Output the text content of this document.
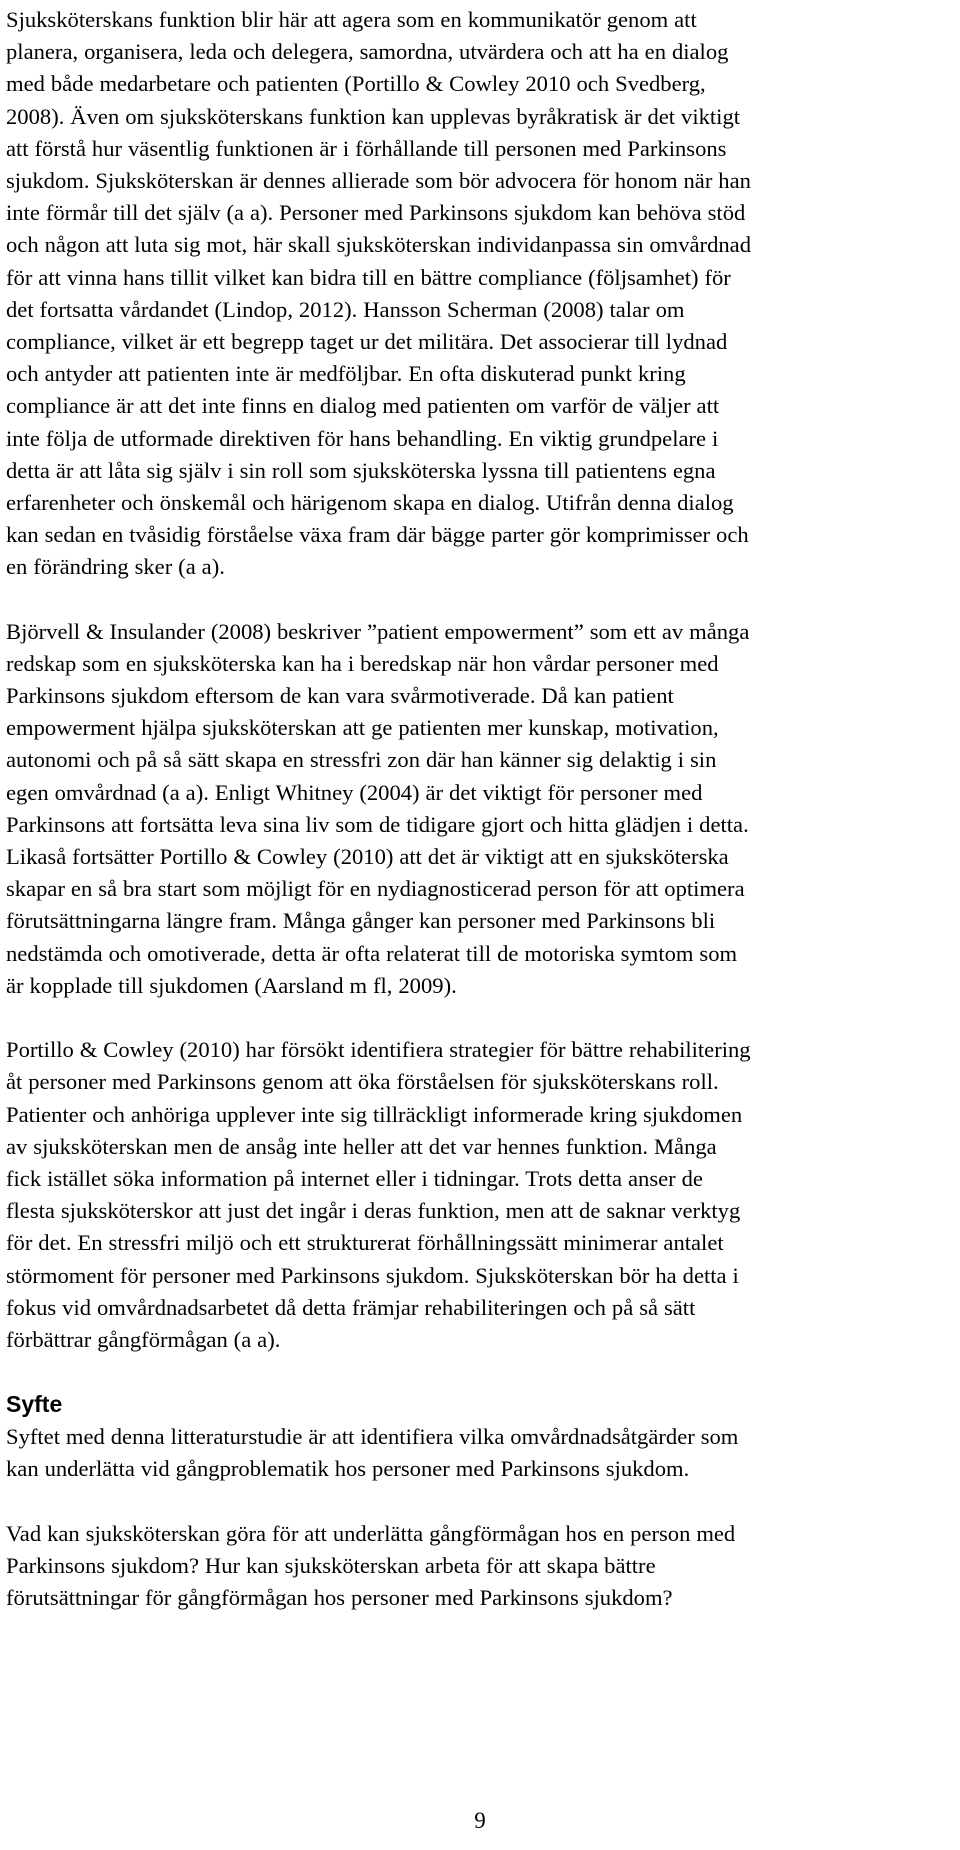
Sjuksköterskans funktion blir här att agera som en kommunikatör genom att
planera, organisera, leda och delegera, samordna, utvärdera och att ha en dialog
med både medarbetare och patienten (Portillo & Cowley 2010 och Svedberg,
2008). Även om sjuksköterskans funktion kan upplevas byråkratisk är det viktigt
att förstå hur väsentlig funktionen är i förhållande till personen med Parkinsons
sjukdom. Sjuksköterskan är dennes allierade som bör advocera för honom när han
inte förmår till det själv (a a). Personer med Parkinsons sjukdom kan behöva stöd
och någon att luta sig mot, här skall sjuksköterskan individanpassa sin omvårdnad
för att vinna hans tillit vilket kan bidra till en bättre compliance (följsamhet) för
det fortsatta vårdandet (Lindop, 2012). Hansson Scherman (2008) talar om
compliance, vilket är ett begrepp taget ur det militära. Det associerar till lydnad
och antyder att patienten inte är medföljbar. En ofta diskuterad punkt kring
compliance är att det inte finns en dialog med patienten om varför de väljer att
inte följa de utformade direktiven för hans behandling. En viktig grundpelare i
detta är att låta sig själv i sin roll som sjuksköterska lyssna till patientens egna
erfarenheter och önskemål och härigenom skapa en dialog. Utifrån denna dialog
kan sedan en tvåsidig förståelse växa fram där bägge parter gör komprimisser och
en förändring sker (a a).

Björvell & Insulander (2008) beskriver ”patient empowerment” som ett av många
redskap som en sjuksköterska kan ha i beredskap när hon vårdar personer med
Parkinsons sjukdom eftersom de kan vara svårmotiverade. Då kan patient
empowerment hjälpa sjuksköterskan att ge patienten mer kunskap, motivation,
autonomi och på så sätt skapa en stressfri zon där han känner sig delaktig i sin
egen omvårdnad (a a). Enligt Whitney (2004) är det viktigt för personer med
Parkinsons att fortsätta leva sina liv som de tidigare gjort och hitta glädjen i detta.
Likaså fortsätter Portillo & Cowley (2010) att det är viktigt att en sjuksköterska
skapar en så bra start som möjligt för en nydiagnosticerad person för att optimera
förutsättningarna längre fram. Många gånger kan personer med Parkinsons bli
nedstämda och omotiverade, detta är ofta relaterat till de motoriska symtom som
är kopplade till sjukdomen (Aarsland m fl, 2009).

Portillo & Cowley (2010) har försökt identifiera strategier för bättre rehabilitering
åt personer med Parkinsons genom att öka förståelsen för sjuksköterskans roll.
Patienter och anhöriga upplever inte sig tillräckligt informerade kring sjukdomen
av sjuksköterskan men de ansåg inte heller att det var hennes funktion. Många
fick istället söka information på internet eller i tidningar. Trots detta anser de
flesta sjuksköterskor att just det ingår i deras funktion, men att de saknar verktyg
för det. En stressfri miljö och ett strukturerat förhållningssätt minimerar antalet
störmoment för personer med Parkinsons sjukdom. Sjuksköterskan bör ha detta i
fokus vid omvårdnadsarbetet då detta främjar rehabiliteringen och på så sätt
förbättrar gångförmågan (a a).

Syfte

Syftet med denna litteraturstudie är att identifiera vilka omvårdnadsåtgärder som
kan underlätta vid gångproblematik hos personer med Parkinsons sjukdom.

Vad kan sjuksköterskan göra för att underlätta gångförmågan hos en person med
Parkinsons sjukdom? Hur kan sjuksköterskan arbeta för att skapa bättre
förutsättningar för gångförmågan hos personer med Parkinsons sjukdom?

9
